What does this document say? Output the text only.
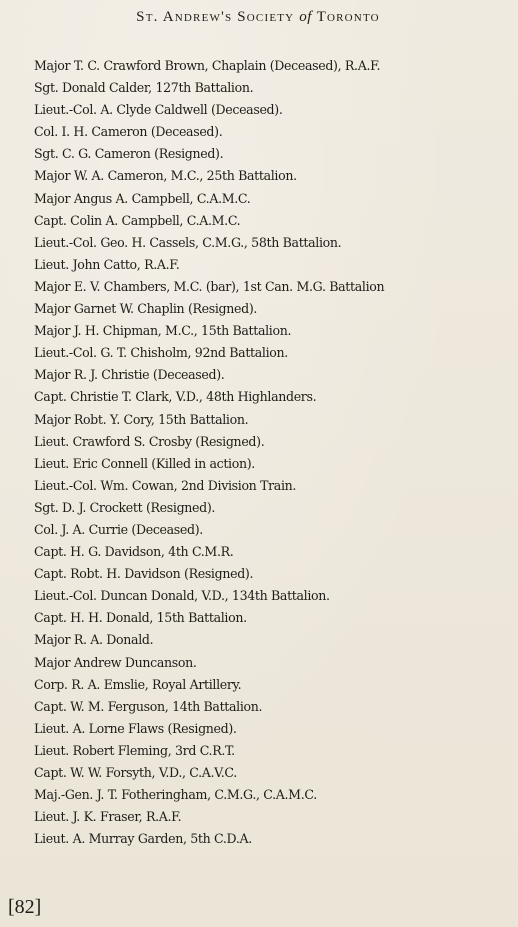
St. Andrew's Society of Toronto
Major T. C. Crawford Brown, Chaplain (Deceased), R.A.F.
Sgt. Donald Calder, 127th Battalion.
Lieut.-Col. A. Clyde Caldwell (Deceased).
Col. I. H. Cameron (Deceased).
Sgt. C. G. Cameron (Resigned).
Major W. A. Cameron, M.C., 25th Battalion.
Major Angus A. Campbell, C.A.M.C.
Capt. Colin A. Campbell, C.A.M.C.
Lieut.-Col. Geo. H. Cassels, C.M.G., 58th Battalion.
Lieut. John Catto, R.A.F.
Major E. V. Chambers, M.C. (bar), 1st Can. M.G. Battalion
Major Garnet W. Chaplin (Resigned).
Major J. H. Chipman, M.C., 15th Battalion.
Lieut.-Col. G. T. Chisholm, 92nd Battalion.
Major R. J. Christie (Deceased).
Capt. Christie T. Clark, V.D., 48th Highlanders.
Major Robt. Y. Cory, 15th Battalion.
Lieut. Crawford S. Crosby (Resigned).
Lieut. Eric Connell (Killed in action).
Lieut.-Col. Wm. Cowan, 2nd Division Train.
Sgt. D. J. Crockett (Resigned).
Col. J. A. Currie (Deceased).
Capt. H. G. Davidson, 4th C.M.R.
Capt. Robt. H. Davidson (Resigned).
Lieut.-Col. Duncan Donald, V.D., 134th Battalion.
Capt. H. H. Donald, 15th Battalion.
Major R. A. Donald.
Major Andrew Duncanson.
Corp. R. A. Emslie, Royal Artillery.
Capt. W. M. Ferguson, 14th Battalion.
Lieut. A. Lorne Flaws (Resigned).
Lieut. Robert Fleming, 3rd C.R.T.
Capt. W. W. Forsyth, V.D., C.A.V.C.
Maj.-Gen. J. T. Fotheringham, C.M.G., C.A.M.C.
Lieut. J. K. Fraser, R.A.F.
Lieut. A. Murray Garden, 5th C.D.A.
[82]
